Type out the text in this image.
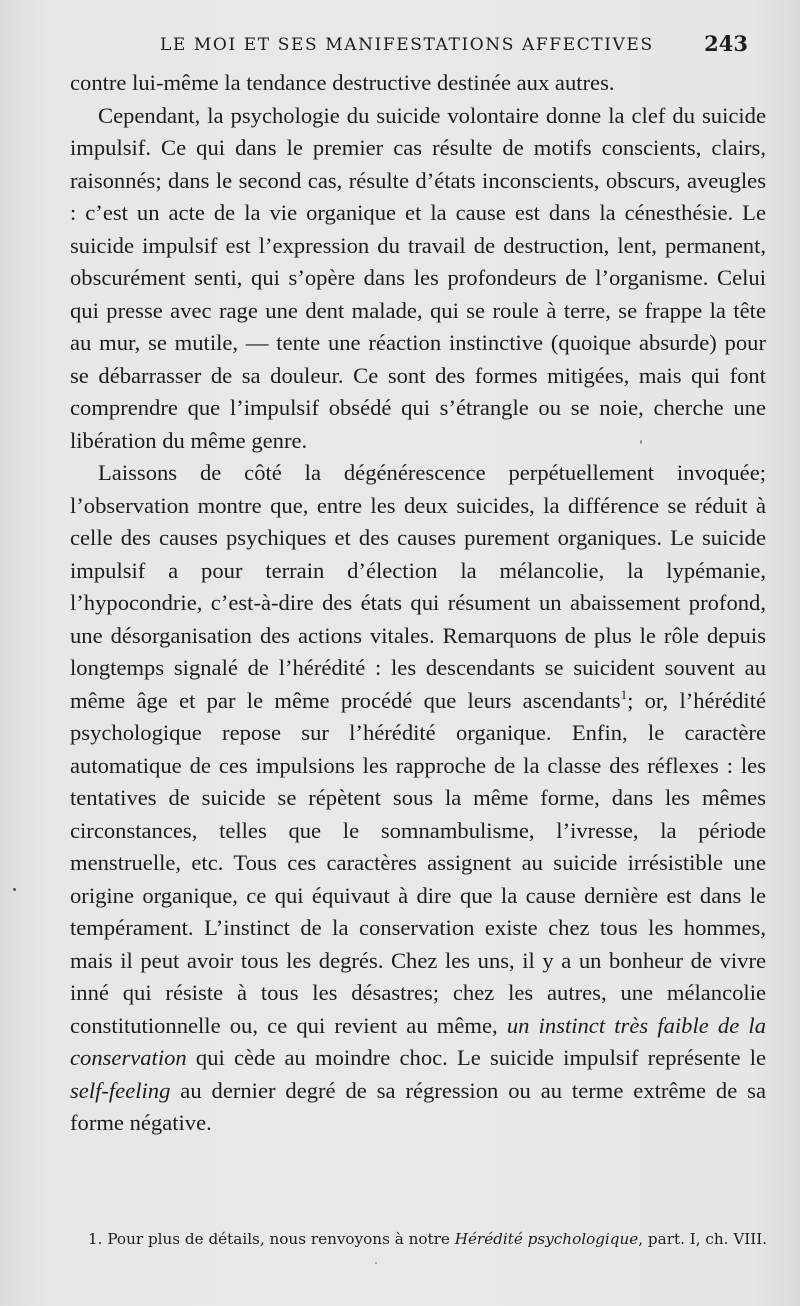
LE MOI ET SES MANIFESTATIONS AFFECTIVES 243

contre lui-même la tendance destructive destinée aux autres.

Cependant, la psychologie du suicide volontaire donne la clef du suicide impulsif. Ce qui dans le premier cas résulte de motifs conscients, clairs, raisonnés; dans le second cas, résulte d’états inconscients, obscurs, aveugles : c’est un acte de la vie organique et la cause est dans la cénesthésie. Le suicide impulsif est l’expression du travail de destruction, lent, permanent, obscurément senti, qui s’opère dans les profondeurs de l’organisme. Celui qui presse avec rage une dent malade, qui se roule à terre, se frappe la tête au mur, se mutile, — tente une réaction instinctive (quoique absurde) pour se débarrasser de sa douleur. Ce sont des formes mitigées, mais qui font comprendre que l’impulsif obsédé qui s’étrangle ou se noie, cherche une libération du même genre.

Laissons de côté la dégénérescence perpétuellement invoquée; l’observation montre que, entre les deux suicides, la différence se réduit à celle des causes psychiques et des causes purement organiques. Le suicide impulsif a pour terrain d’élection la mélancolie, la lypémanie, l’hypocondrie, c’est-à-dire des états qui résument un abaissement profond, une désorganisation des actions vitales. Remarquons de plus le rôle depuis longtemps signalé de l’hérédité : les descendants se suicident souvent au même âge et par le même procédé que leurs ascendants$^1$; or, l’hérédité psychologique repose sur l’hérédité organique. Enfin, le caractère automatique de ces impulsions les rapproche de la classe des réflexes : les tentatives de suicide se répètent sous la même forme, dans les mêmes circonstances, telles que le somnambulisme, l’ivresse, la période menstruelle, etc. Tous ces caractères assignent au suicide irrésistible une origine organique, ce qui équivaut à dire que la cause dernière est dans le tempérament. L’instinct de la conservation existe chez tous les hommes, mais il peut avoir tous les degrés. Chez les uns, il y a un bonheur de vivre inné qui résiste à tous les désastres; chez les autres, une mélancolie constitutionnelle ou, ce qui revient au même, un instinct très faible de la conservation qui cède au moindre choc. Le suicide impulsif représente le self-feeling au dernier degré de sa régression ou au terme extrême de sa forme négative.

1. Pour plus de détails, nous renvoyons à notre Hérédité psychologique, part. I, ch. VIII.
